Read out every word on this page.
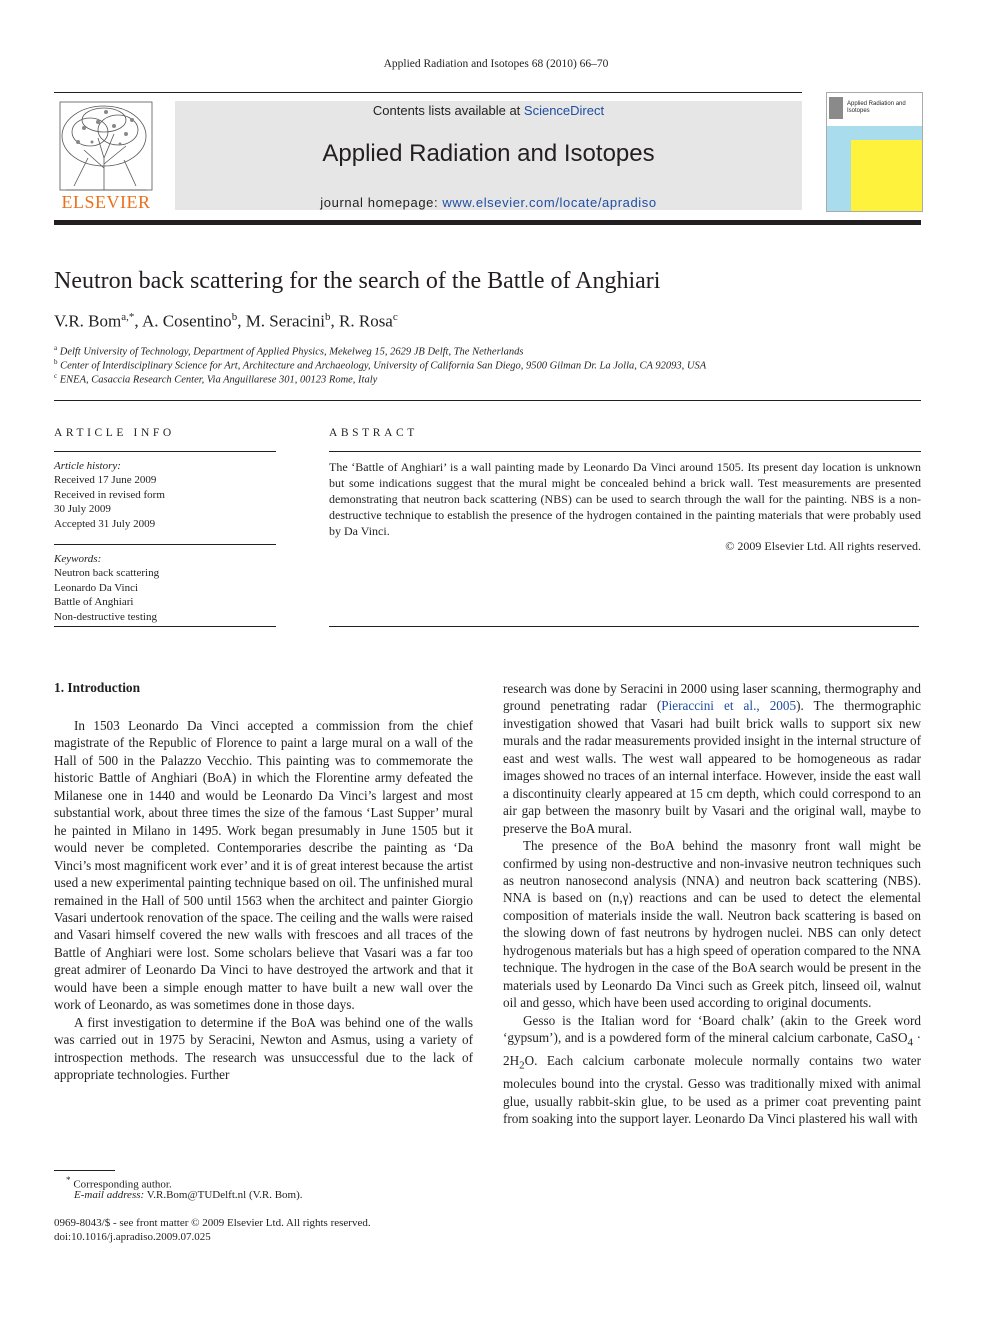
Applied Radiation and Isotopes 68 (2010) 66–70
ELSEVIER
Contents lists available at ScienceDirect
Applied Radiation and Isotopes
journal homepage: www.elsevier.com/locate/apradiso
Applied Radiation and
Isotopes
Neutron back scattering for the search of the Battle of Anghiari
V.R. Bom$^{a,*}$, A. Cosentino$^b$, M. Seracini$^b$, R. Rosa$^c$
$^a$ Delft University of Technology, Department of Applied Physics, Mekelweg 15, 2629 JB Delft, The Netherlands
$^b$ Center of Interdisciplinary Science for Art, Architecture and Archaeology, University of California San Diego, 9500 Gilman Dr. La Jolla, CA 92093, USA
$^c$ ENEA, Casaccia Research Center, Via Anguillarese 301, 00123 Rome, Italy
ARTICLE INFO
Article history:
Received 17 June 2009
Received in revised form
30 July 2009
Accepted 31 July 2009
Keywords:
Neutron back scattering
Leonardo Da Vinci
Battle of Anghiari
Non-destructive testing
ABSTRACT
The ‘Battle of Anghiari’ is a wall painting made by Leonardo Da Vinci around 1505. Its present day location is unknown but some indications suggest that the mural might be concealed behind a brick wall. Test measurements are presented demonstrating that neutron back scattering (NBS) can be used to search through the wall for the painting. NBS is a non-destructive technique to establish the presence of the hydrogen contained in the painting materials that were probably used by Da Vinci.
© 2009 Elsevier Ltd. All rights reserved.
1. Introduction

In 1503 Leonardo Da Vinci accepted a commission from the chief magistrate of the Republic of Florence to paint a large mural on a wall of the Hall of 500 in the Palazzo Vecchio. This painting was to commemorate the historic Battle of Anghiari (BoA) in which the Florentine army defeated the Milanese one in 1440 and would be Leonardo Da Vinci’s largest and most substantial work, about three times the size of the famous ‘Last Supper’ mural he painted in Milano in 1495. Work began presumably in June 1505 but it would never be completed. Contemporaries describe the painting as ‘Da Vinci’s most magnificent work ever’ and it is of great interest because the artist used a new experimental painting technique based on oil. The unfinished mural remained in the Hall of 500 until 1563 when the architect and painter Giorgio Vasari undertook renovation of the space. The ceiling and the walls were raised and Vasari himself covered the new walls with frescoes and all traces of the Battle of Anghiari were lost. Some scholars believe that Vasari was a far too great admirer of Leonardo Da Vinci to have destroyed the artwork and that it would have been a simple enough matter to have built a new wall over the work of Leonardo, as was sometimes done in those days.

A first investigation to determine if the BoA was behind one of the walls was carried out in 1975 by Seracini, Newton and Asmus, using a variety of introspection methods. The research was unsuccessful due to the lack of appropriate technologies. Further

research was done by Seracini in 2000 using laser scanning, thermography and ground penetrating radar (Pieraccini et al., 2005). The thermographic investigation showed that Vasari had built brick walls to support six new murals and the radar measurements provided insight in the internal structure of east and west walls. The west wall appeared to be homogeneous as radar images showed no traces of an internal interface. However, inside the east wall a discontinuity clearly appeared at 15 cm depth, which could correspond to an air gap between the masonry built by Vasari and the original wall, maybe to preserve the BoA mural.

The presence of the BoA behind the masonry front wall might be confirmed by using non-destructive and non-invasive neutron techniques such as neutron nanosecond analysis (NNA) and neutron back scattering (NBS). NNA is based on (n,γ) reactions and can be used to detect the elemental composition of materials inside the wall. Neutron back scattering is based on the slowing down of fast neutrons by hydrogen nuclei. NBS can only detect hydrogenous materials but has a high speed of operation compared to the NNA technique. The hydrogen in the case of the BoA search would be present in the materials used by Leonardo Da Vinci such as Greek pitch, linseed oil, walnut oil and gesso, which have been used according to original documents.

Gesso is the Italian word for ‘Board chalk’ (akin to the Greek word ‘gypsum’), and is a powdered form of the mineral calcium carbonate, CaSO$_4$ · $2H_2O$. Each calcium carbonate molecule normally contains two water molecules bound into the crystal. Gesso was traditionally mixed with animal glue, usually rabbit-skin glue, to be used as a primer coat preventing paint from soaking into the support layer. Leonardo Da Vinci plastered his wall with

* Corresponding author.
E-mail address: V.R.Bom@TUDelft.nl (V.R. Bom).
0969-8043/$ - see front matter © 2009 Elsevier Ltd. All rights reserved.
doi:10.1016/j.apradiso.2009.07.025
